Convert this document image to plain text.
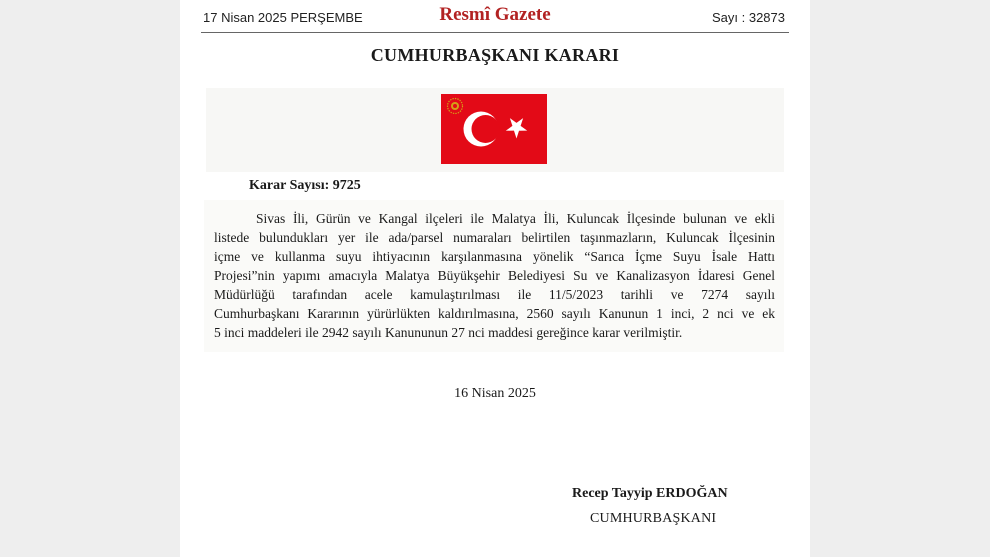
17 Nisan 2025 PERŞEMBE	Resmî Gazete	Sayı : 32873
CUMHURBAŞKANI KARARI
Karar Sayısı: 9725
Sivas İli, Gürün ve Kangal ilçeleri ile Malatya İli, Kuluncak İlçesinde bulunan ve ekli
listede bulundukları yer ile ada/parsel numaraları belirtilen taşınmazların, Kuluncak İlçesinin
içme ve kullanma suyu ihtiyacının karşılanmasına yönelik “Sarıca İçme Suyu İsale Hattı
Projesi”nin yapımı amacıyla Malatya Büyükşehir Belediyesi Su ve Kanalizasyon İdaresi Genel
Müdürlüğü tarafından acele kamulaştırılması ile 11/5/2023 tarihli ve 7274 sayılı
Cumhurbaşkanı Kararının yürürlükten kaldırılmasına, 2560 sayılı Kanunun 1 inci, 2 nci ve ek
5 inci maddeleri ile 2942 sayılı Kanununun 27 nci maddesi gereğince karar verilmiştir.
16 Nisan 2025
Recep Tayyip ERDOĞAN
CUMHURBAŞKANI
